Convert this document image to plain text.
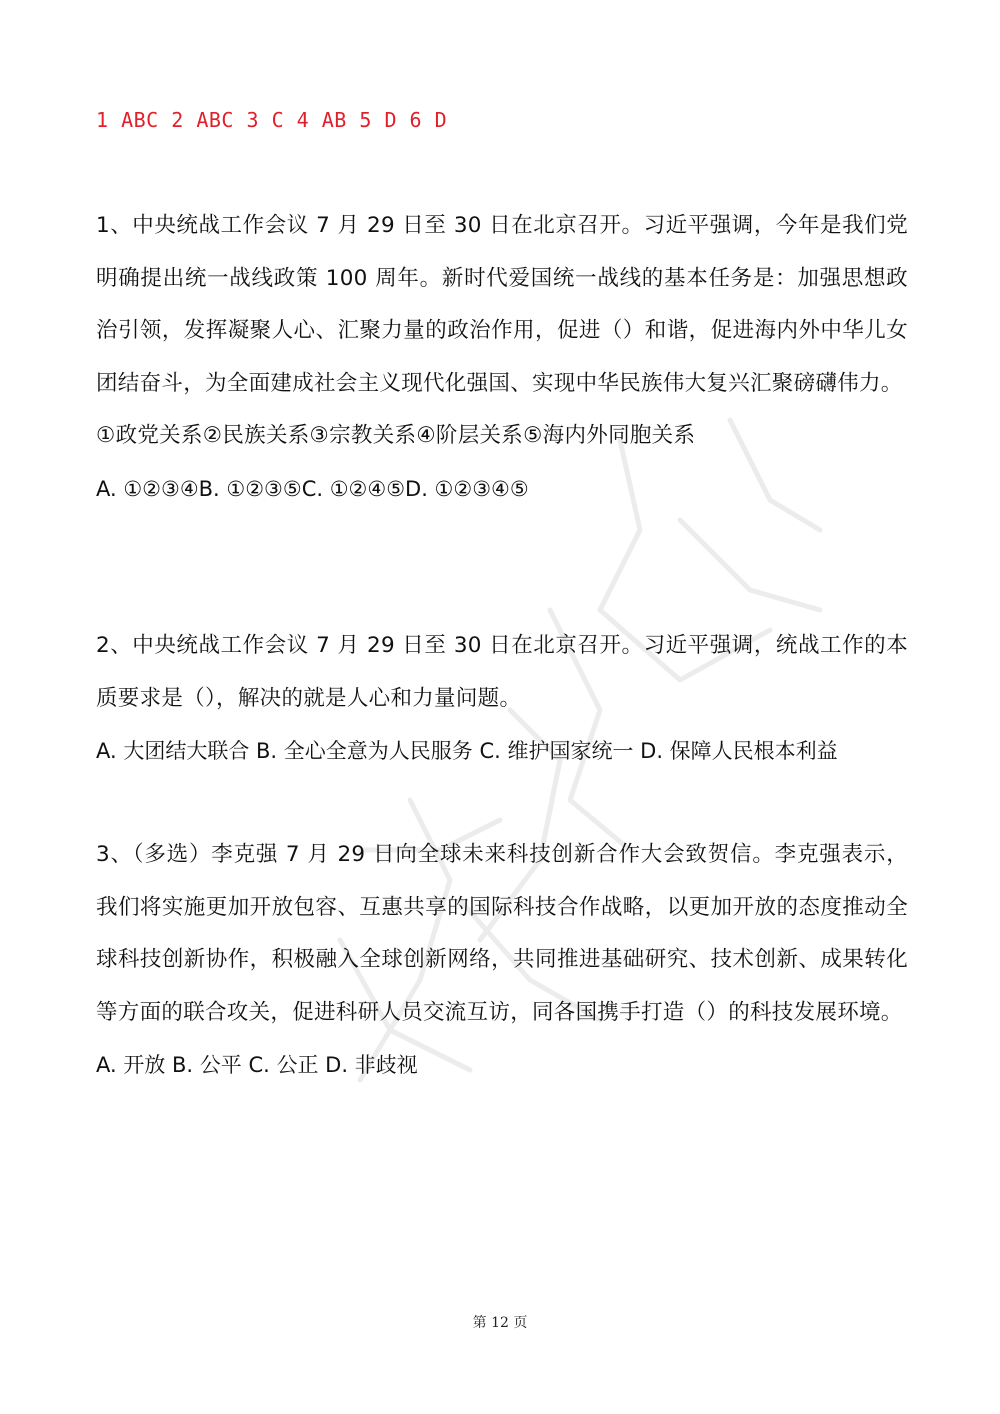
1 ABC 2 ABC 3 C 4 AB 5 D 6 D
1、中央统战工作会议 7 月 29 日至 30 日在北京召开。习近平强调，今年是我们党明确提出统一战线政策 100 周年。新时代爱国统一战线的基本任务是：加强思想政治引领，发挥凝聚人心、汇聚力量的政治作用，促进（）和谐，促进海内外中华儿女团结奋斗，为全面建成社会主义现代化强国、实现中华民族伟大复兴汇聚磅礴伟力。
①政党关系②民族关系③宗教关系④阶层关系⑤海内外同胞关系
A. ①②③④B. ①②③⑤C. ①②④⑤D. ①②③④⑤
2、中央统战工作会议 7 月 29 日至 30 日在北京召开。习近平强调，统战工作的本质要求是（），解决的就是人心和力量问题。
A. 大团结大联合 B. 全心全意为人民服务 C. 维护国家统一 D. 保障人民根本利益
3、（多选）李克强 7 月 29 日向全球未来科技创新合作大会致贺信。李克强表示，我们将实施更加开放包容、互惠共享的国际科技合作战略，以更加开放的态度推动全球科技创新协作，积极融入全球创新网络，共同推进基础研究、技术创新、成果转化等方面的联合攻关，促进科研人员交流互访，同各国携手打造（）的科技发展环境。
A. 开放 B. 公平 C. 公正 D. 非歧视
第 12 页
